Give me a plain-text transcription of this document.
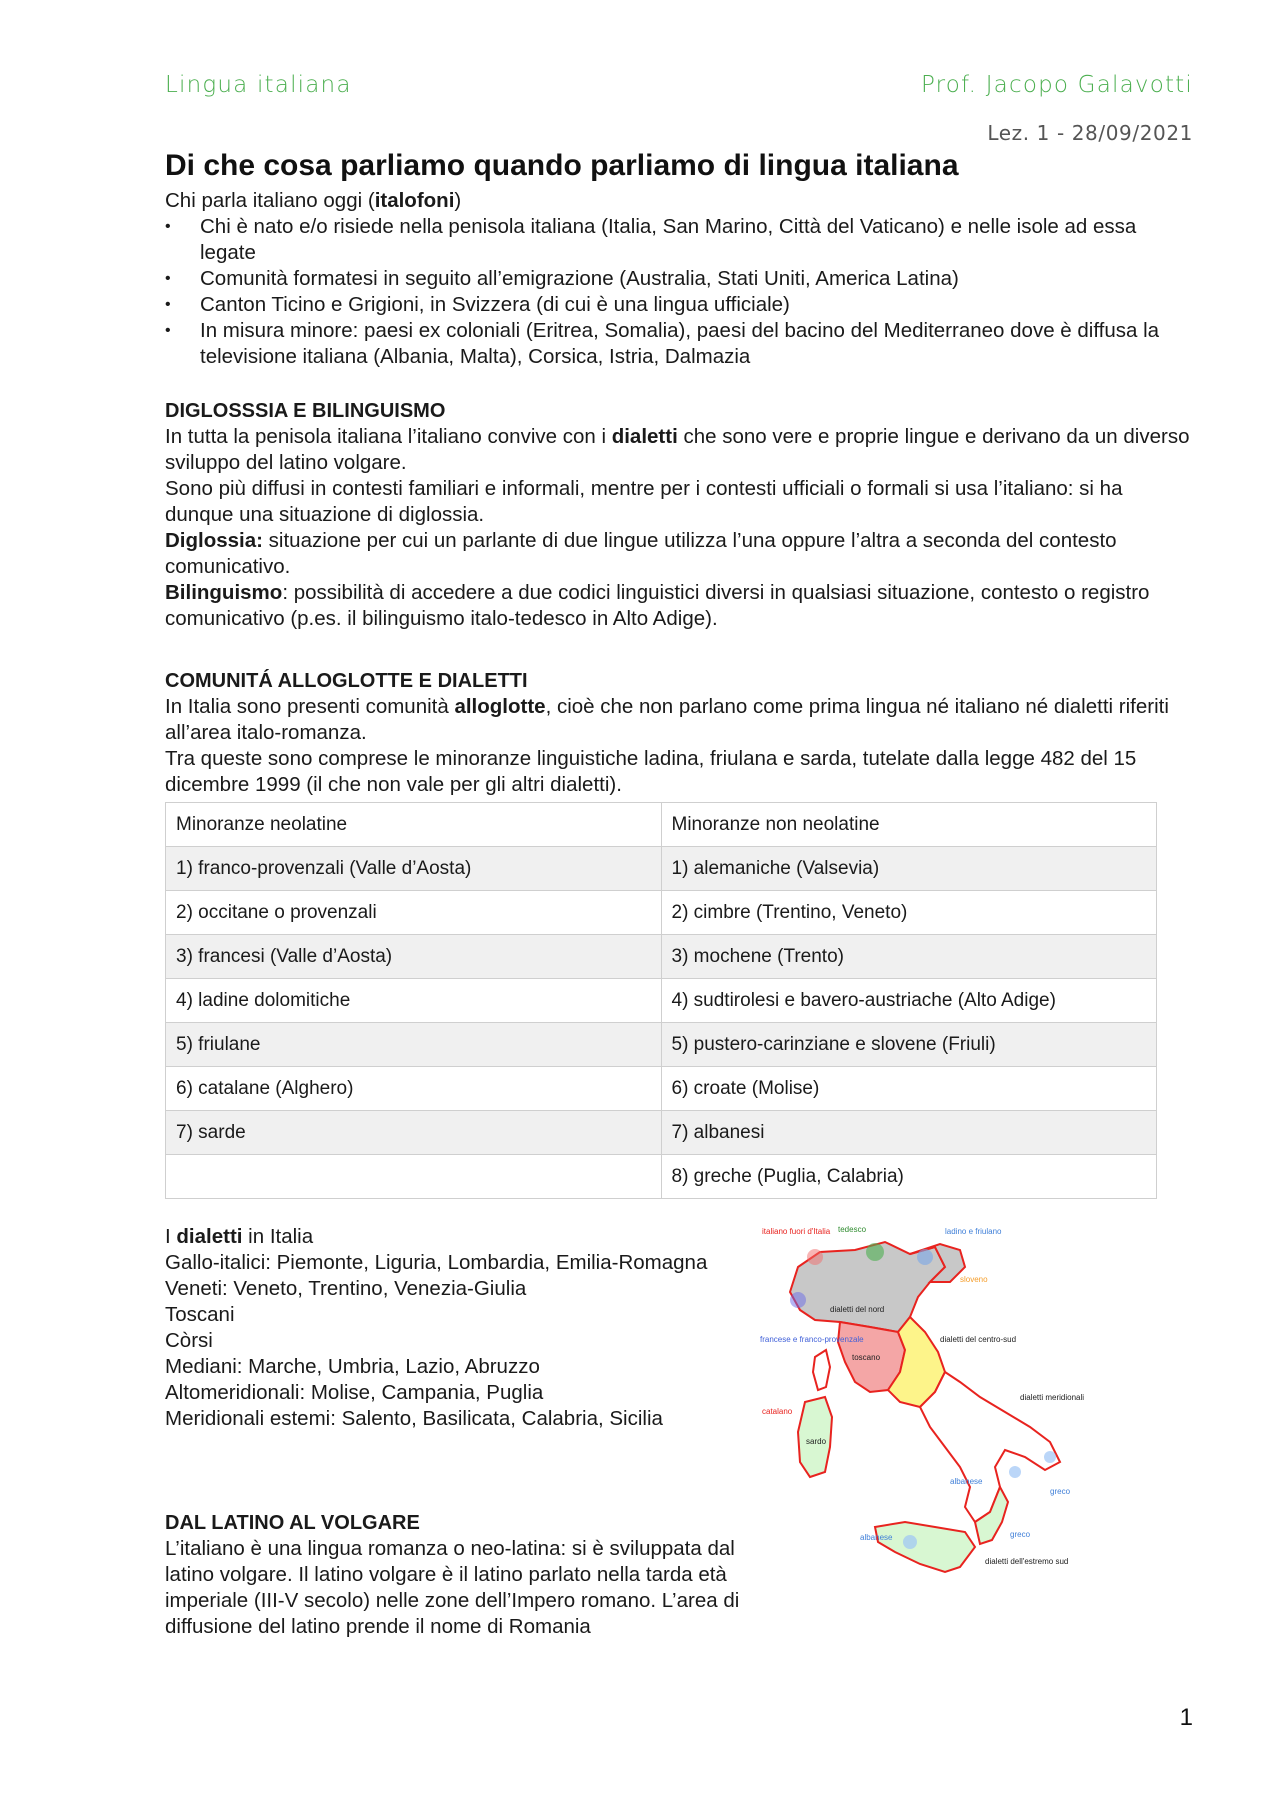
Lingua italiana	Prof. Jacopo Galavotti
Lez. 1 - 28/09/2021
Di che cosa parliamo quando parliamo di lingua italiana

Chi parla italiano oggi (italofoni)

• Chi è nato e/o risiede nella penisola italiana (Italia, San Marino, Città del Vaticano) e nelle isole ad essa legate

• Comunità formatesi in seguito all’emigrazione (Australia, Stati Uniti, America Latina)

• Canton Ticino e Grigioni, in Svizzera (di cui è una lingua ufficiale)

• In misura minore: paesi ex coloniali (Eritrea, Somalia), paesi del bacino del Mediterraneo dove è diffusa la televisione italiana (Albania, Malta), Corsica, Istria, Dalmazia

DIGLOSSSIA E BILINGUISMO

In tutta la penisola italiana l’italiano convive con i dialetti che sono vere e proprie lingue e derivano da un diverso sviluppo del latino volgare.

Sono più diffusi in contesti familiari e informali, mentre per i contesti ufficiali o formali si usa l’italiano: si ha dunque una situazione di diglossia.

Diglossia: situazione per cui un parlante di due lingue utilizza l’una oppure l’altra a seconda del contesto comunicativo.

Bilinguismo: possibilità di accedere a due codici linguistici diversi in qualsiasi situazione, contesto o registro comunicativo (p.es. il bilinguismo italo-tedesco in Alto Adige).

COMUNITÁ ALLOGLOTTE E DIALETTI

In Italia sono presenti comunità alloglotte, cioè che non parlano come prima lingua né italiano né dialetti riferiti all’area italo-romanza.

Tra queste sono comprese le minoranze linguistiche ladina, friulana e sarda, tutelate dalla legge 482 del 15 dicembre 1999 (il che non vale per gli altri dialetti).

Minoranze neolatine	Minoranze non neolatine
1) franco-provenzali (Valle d’Aosta)	1) alemaniche (Valsevia)
2) occitane o provenzali	2) cimbre (Trentino, Veneto)
3) francesi (Valle d’Aosta)	3) mochene (Trento)
4) ladine dolomitiche	4) sudtirolesi e bavero-austriache (Alto Adige)
5) friulane	5) pustero-carinziane e slovene (Friuli)
6) catalane (Alghero)	6) croate (Molise)
7) sarde	7) albanesi
	8) greche (Puglia, Calabria)

I dialetti in Italia

Gallo-italici: Piemonte, Liguria, Lombardia, Emilia-Romagna

Veneti: Veneto, Trentino, Venezia-Giulia

Toscani

Còrsi

Mediani: Marche, Umbria, Lazio, Abruzzo

Altomeridionali: Molise, Campania, Puglia

Meridionali estemi: Salento, Basilicata, Calabria, Sicilia

DAL LATINO AL VOLGARE

L’italiano è una lingua romanza o neo-latina: si è sviluppata dal latino volgare. Il latino volgare è il latino parlato nella tarda età imperiale (III-V secolo) nelle zone dell’Impero romano. L’area di diffusione del latino prende il nome di Romania

italiano fuori d'Italia tedesco	ladino e friulano
sloveno
dialetti del nord
francese e franco-provenzale	dialetti del centro-sud
toscano
dialetti meridionali
catalano
sardo
albanese
greco
greco
albanese
dialetti dell'estremo sud
1
